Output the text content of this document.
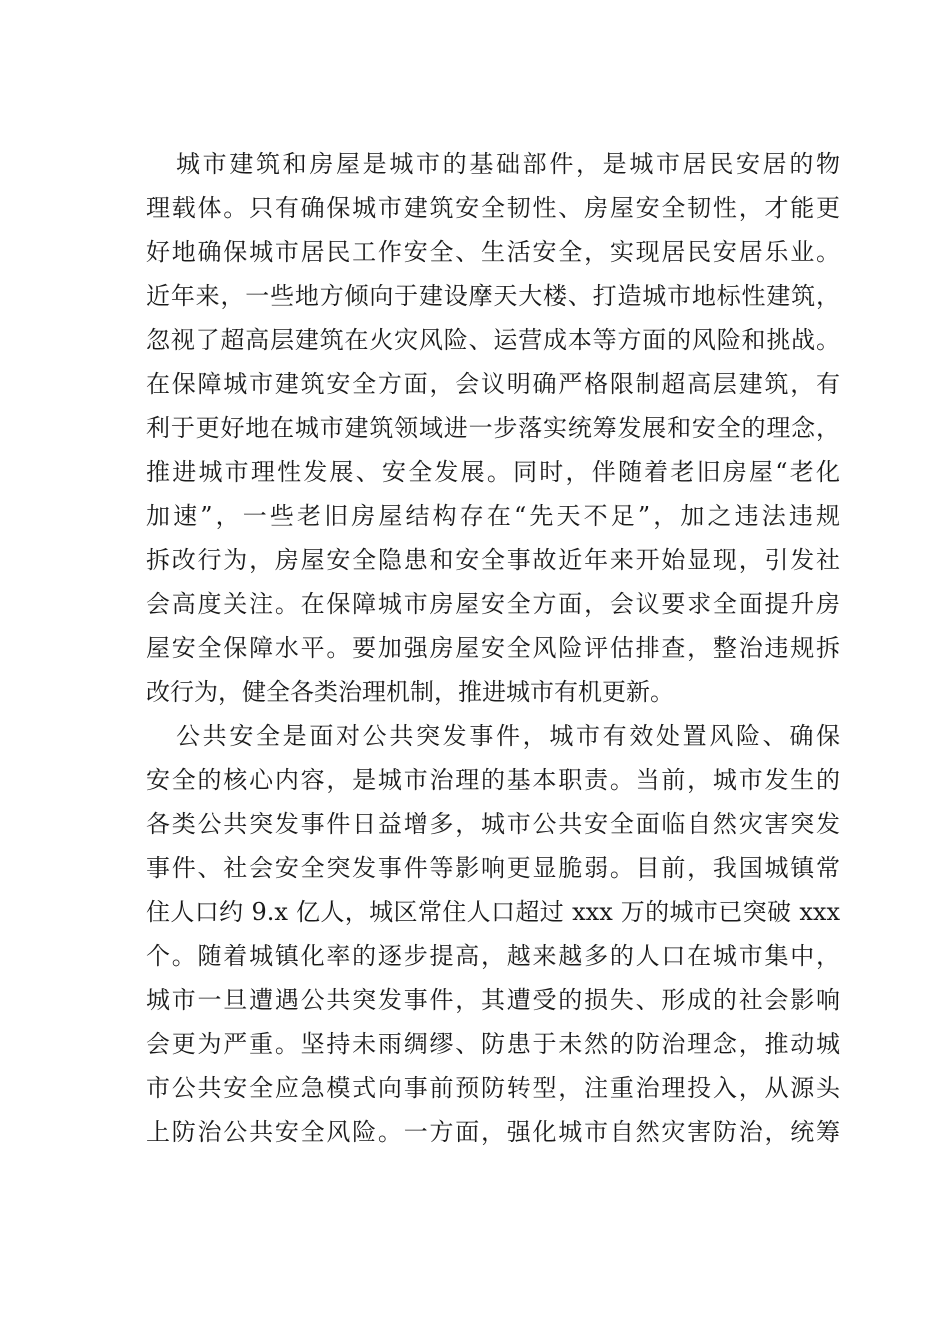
城市建筑和房屋是城市的基础部件，是城市居民安居的物
理载体。只有确保城市建筑安全韧性、房屋安全韧性，才能更
好地确保城市居民工作安全、生活安全，实现居民安居乐业。
近年来，一些地方倾向于建设摩天大楼、打造城市地标性建筑，
忽视了超高层建筑在火灾风险、运营成本等方面的风险和挑战。
在保障城市建筑安全方面，会议明确严格限制超高层建筑，有
利于更好地在城市建筑领域进一步落实统筹发展和安全的理念，
推进城市理性发展、安全发展。同时，伴随着老旧房屋“老化
加速”，一些老旧房屋结构存在“先天不足”，加之违法违规
拆改行为，房屋安全隐患和安全事故近年来开始显现，引发社
会高度关注。在保障城市房屋安全方面，会议要求全面提升房
屋安全保障水平。要加强房屋安全风险评估排查，整治违规拆
改行为，健全各类治理机制，推进城市有机更新。
公共安全是面对公共突发事件，城市有效处置风险、确保
安全的核心内容，是城市治理的基本职责。当前，城市发生的
各类公共突发事件日益增多，城市公共安全面临自然灾害突发
事件、社会安全突发事件等影响更显脆弱。目前，我国城镇常
住人口约 9.x 亿人，城区常住人口超过 xxx 万的城市已突破 xxx
个。随着城镇化率的逐步提高，越来越多的人口在城市集中，
城市一旦遭遇公共突发事件，其遭受的损失、形成的社会影响
会更为严重。坚持未雨绸缪、防患于未然的防治理念，推动城
市公共安全应急模式向事前预防转型，注重治理投入，从源头
上防治公共安全风险。一方面，强化城市自然灾害防治，统筹
